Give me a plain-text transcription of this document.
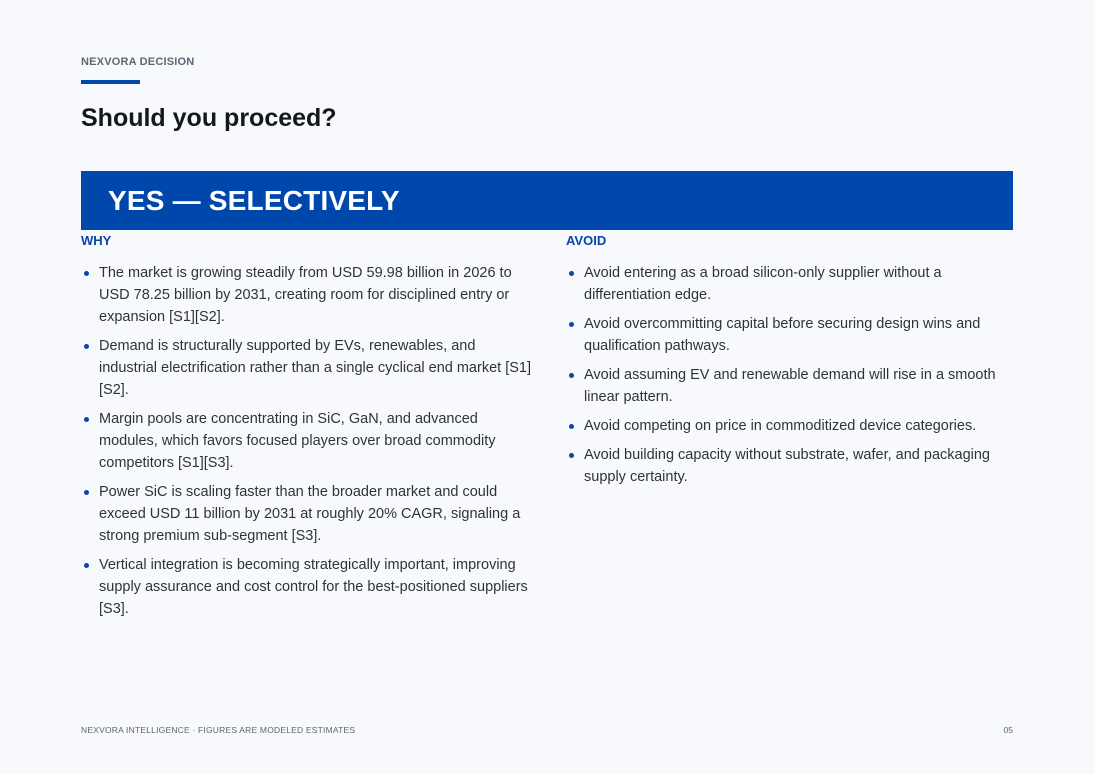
NEXVORA DECISION
Should you proceed?
YES — SELECTIVELY
WHY
The market is growing steadily from USD 59.98 billion in 2026 to USD 78.25 billion by 2031, creating room for disciplined entry or expansion [S1][S2].
Demand is structurally supported by EVs, renewables, and industrial electrification rather than a single cyclical end market [S1][S2].
Margin pools are concentrating in SiC, GaN, and advanced modules, which favors focused players over broad commodity competitors [S1][S3].
Power SiC is scaling faster than the broader market and could exceed USD 11 billion by 2031 at roughly 20% CAGR, signaling a strong premium sub-segment [S3].
Vertical integration is becoming strategically important, improving supply assurance and cost control for the best-positioned suppliers [S3].
AVOID
Avoid entering as a broad silicon-only supplier without a differentiation edge.
Avoid overcommitting capital before securing design wins and qualification pathways.
Avoid assuming EV and renewable demand will rise in a smooth linear pattern.
Avoid competing on price in commoditized device categories.
Avoid building capacity without substrate, wafer, and packaging supply certainty.
NEXVORA INTELLIGENCE · FIGURES ARE MODELED ESTIMATES	05
